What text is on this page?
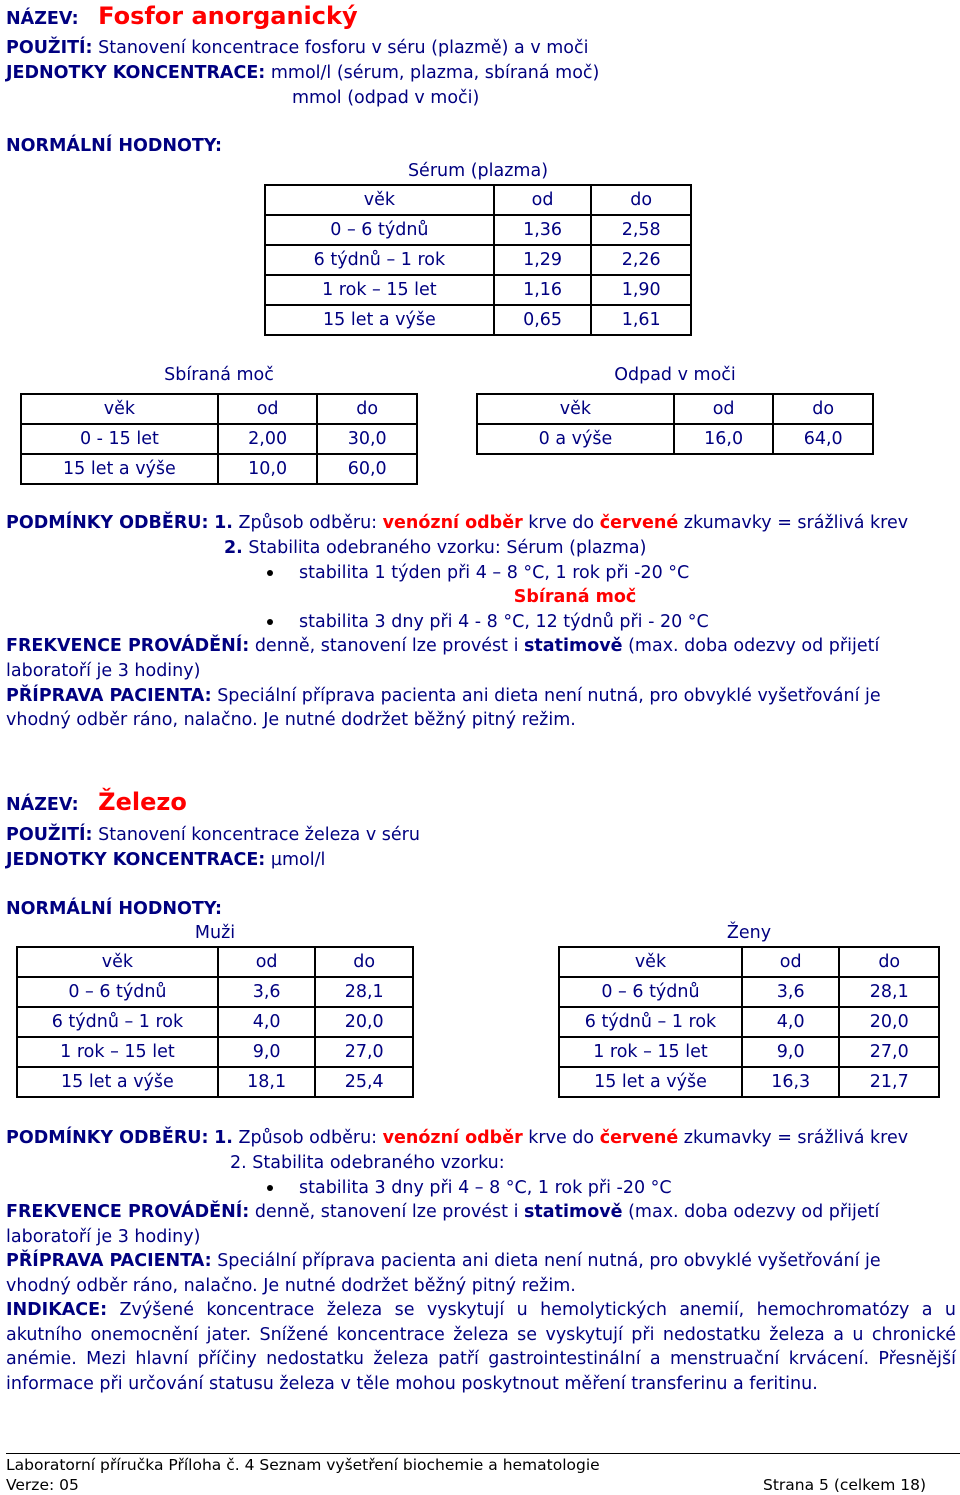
NÁZEV: Fosfor anorganický
POUŽITÍ: Stanovení koncentrace fosforu v séru (plazmě) a v moči
JEDNOTKY KONCENTRACE: mmol/l (sérum, plazma, sbíraná moč)
mmol (odpad v moči)
NORMÁLNÍ HODNOTY:
Sérum (plazma)
věk	od	do
0 – 6 týdnů	1,36	2,58
6 týdnů – 1 rok	1,29	2,26
1 rok – 15 let	1,16	1,90
15 let a výše	0,65	1,61
Sbíraná moč
věk	od	do
0 - 15 let	2,00	30,0
15 let a výše	10,0	60,0
Odpad v moči
věk	od	do
0 a výše	16,0	64,0
PODMÍNKY ODBĚRU: 1. Způsob odběru: venózní odběr krve do červené zkumavky = srážlivá krev
2. Stabilita odebraného vzorku: Sérum (plazma)
stabilita 1 týden při 4 – 8 °C, 1 rok při -20 °C
Sbíraná moč
stabilita 3 dny při 4 - 8 °C, 12 týdnů při - 20 °C
FREKVENCE PROVÁDĚNÍ: denně, stanovení lze provést i statimově (max. doba odezvy od přijetí
laboratoří je 3 hodiny)
PŘÍPRAVA PACIENTA: Speciální příprava pacienta ani dieta není nutná, pro obvyklé vyšetřování je
vhodný odběr ráno, nalačno. Je nutné dodržet běžný pitný režim.
NÁZEV: Železo
POUŽITÍ: Stanovení koncentrace železa v séru
JEDNOTKY KONCENTRACE: µmol/l
NORMÁLNÍ HODNOTY:
Muži
věk	od	do
0 – 6 týdnů	3,6	28,1
6 týdnů – 1 rok	4,0	20,0
1 rok – 15 let	9,0	27,0
15 let a výše	18,1	25,4
Ženy
věk	od	do
0 – 6 týdnů	3,6	28,1
6 týdnů – 1 rok	4,0	20,0
1 rok – 15 let	9,0	27,0
15 let a výše	16,3	21,7
PODMÍNKY ODBĚRU: 1. Způsob odběru: venózní odběr krve do červené zkumavky = srážlivá krev
2. Stabilita odebraného vzorku:
stabilita 3 dny při 4 – 8 °C, 1 rok při -20 °C
FREKVENCE PROVÁDĚNÍ: denně, stanovení lze provést i statimově (max. doba odezvy od přijetí
laboratoří je 3 hodiny)
PŘÍPRAVA PACIENTA: Speciální příprava pacienta ani dieta není nutná, pro obvyklé vyšetřování je
vhodný odběr ráno, nalačno. Je nutné dodržet běžný pitný režim.
INDIKACE: Zvýšené koncentrace železa se vyskytují u hemolytických anemií, hemochromatózy a u akutního onemocnění jater. Snížené koncentrace železa se vyskytují při nedostatku železa a u chronické anémie. Mezi hlavní příčiny nedostatku železa patří gastrointestinální a menstruační krvácení. Přesnější informace při určování statusu železa v těle mohou poskytnout měření transferinu a feritinu.
Laboratorní příručka Příloha č. 4 Seznam vyšetření biochemie a hematologie
Verze: 05	Strana 5 (celkem 18)
